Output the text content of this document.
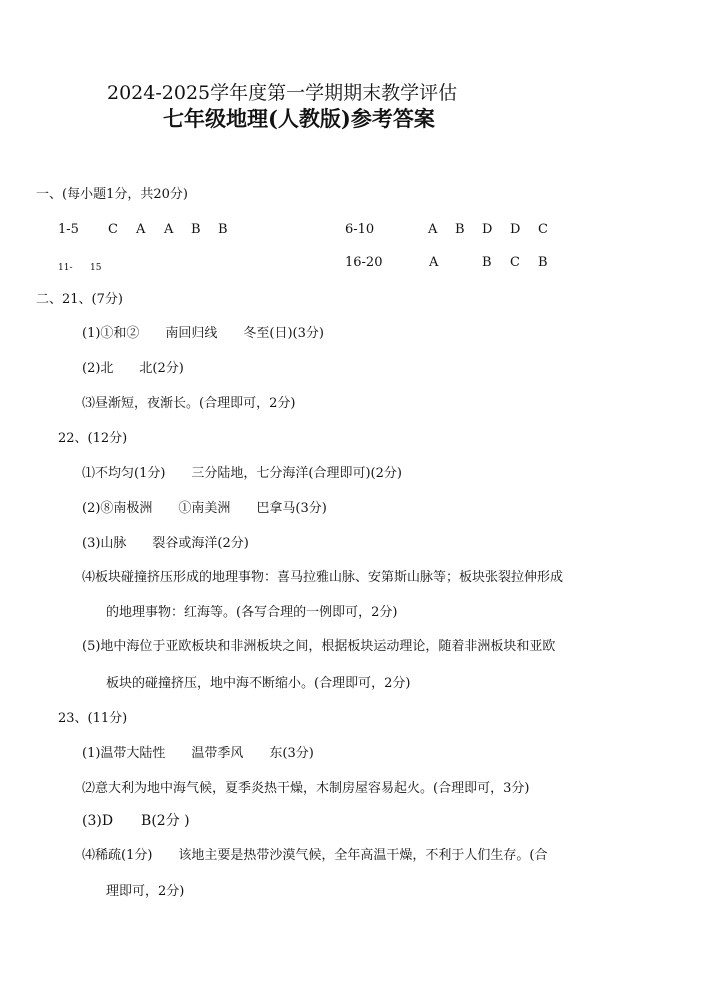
2024-2025学年度第一学期期末教学评估
七年级地理(人教版)参考答案
一、(每小题1分，共20分)
1-5 C A A B B	6-10	A B D D C
11- 15	16-20	A	B C B
二、21、(7分)
(1)①和②　　南回归线　　冬至(日)(3分)
(2)北　　北(2分)
⑶昼渐短，夜渐长。(合理即可，2分)
22、(12分)
⑴不均匀(1分)　　三分陆地，七分海洋(合理即可)(2分)
(2)⑧南极洲　　①南美洲　　巴拿马(3分)
(3)山脉　　裂谷或海洋(2分)
⑷板块碰撞挤压形成的地理事物：喜马拉雅山脉、安第斯山脉等；板块张裂拉伸形成
的地理事物：红海等。(各写合理的一例即可，2分)
(5)地中海位于亚欧板块和非洲板块之间，根据板块运动理论，随着非洲板块和亚欧
板块的碰撞挤压，地中海不断缩小。(合理即可，2分)
23、(11分)
(1)温带大陆性　　温带季风　　东(3分)
⑵意大利为地中海气候，夏季炎热干燥，木制房屋容易起火。(合理即可，3分)
(3)D　　B(2分 )
⑷稀疏(1分)　　该地主要是热带沙漠气候，全年高温干燥，不利于人们生存。(合
理即可，2分)
